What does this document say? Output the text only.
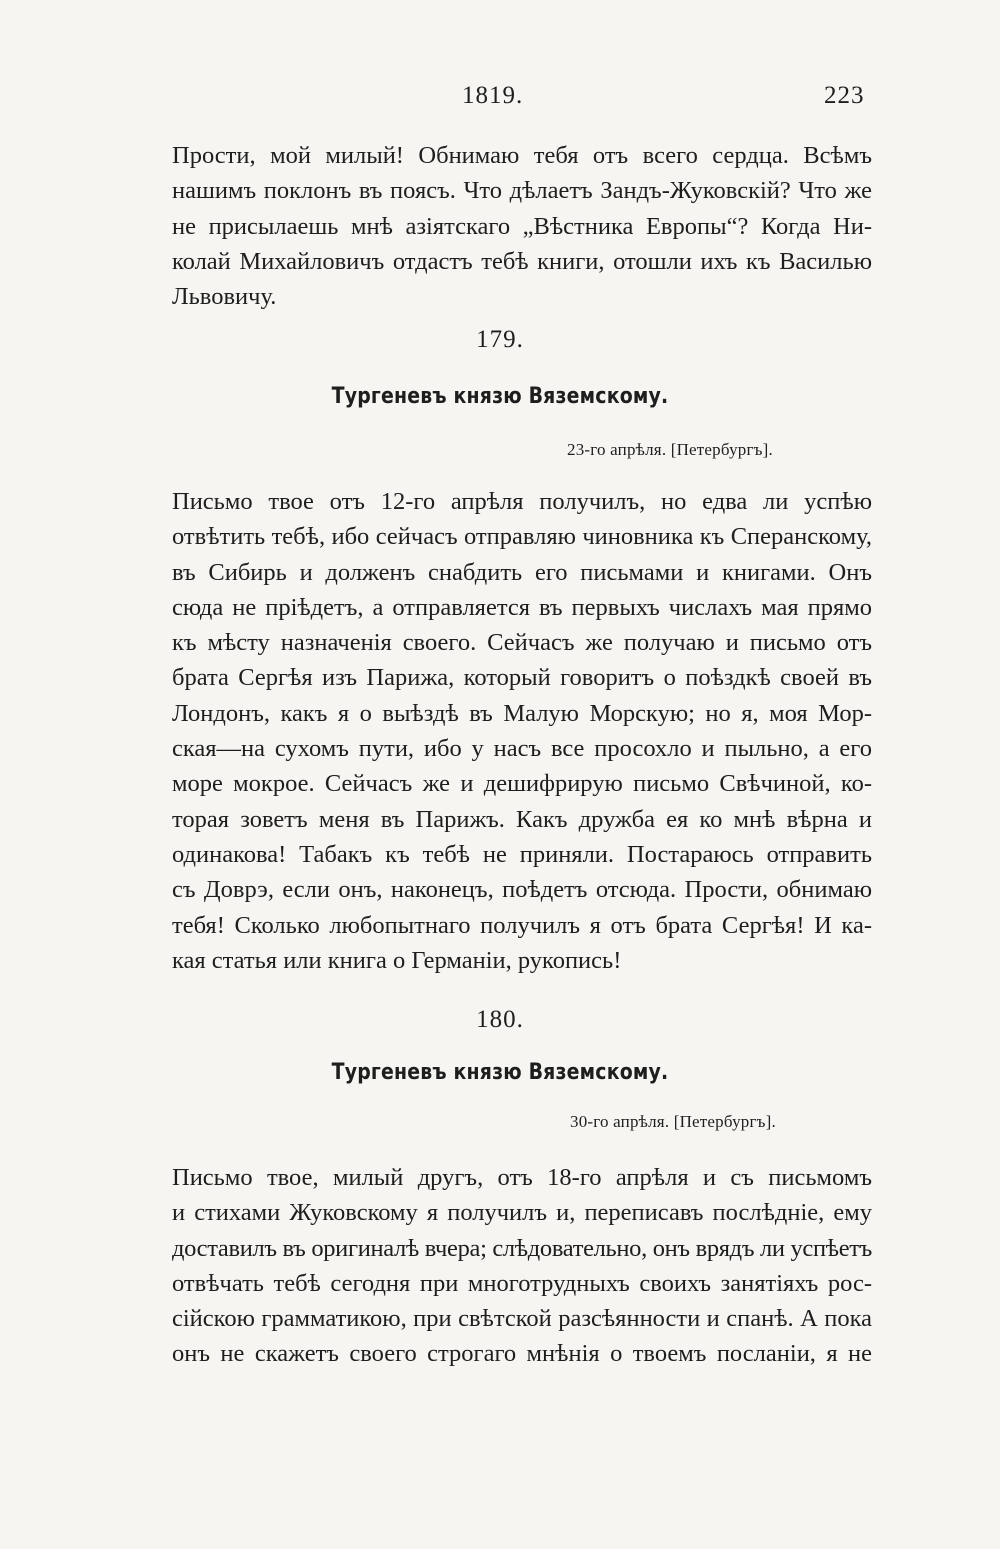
1819.	223

Прости, мой милый! Обнимаю тебя отъ всего сердца. Всѣмъ
нашимъ поклонъ въ поясъ. Что дѣлаетъ Зандъ-Жуковскій? Что же
не присылаешь мнѣ азіятскаго „Вѣстника Европы“? Когда Ни-
колай Михайловичъ отдастъ тебѣ книги, отошли ихъ къ Василью
Львовичу.

179.
Тургеневъ князю Вяземскому.
23-го апрѣля. [Петербургъ].

Письмо твое отъ 12-го апрѣля получилъ, но едва ли успѣю
отвѣтить тебѣ, ибо сейчасъ отправляю чиновника къ Сперанскому,
въ Сибирь и долженъ снабдить его письмами и книгами. Онъ
сюда не пріѣдетъ, а отправляется въ первыхъ числахъ мая прямо
къ мѣсту назначенія своего. Сейчасъ же получаю и письмо отъ
брата Сергѣя изъ Парижа, который говоритъ о поѣздкѣ своей въ
Лондонъ, какъ я о выѣздѣ въ Малую Морскую; но я, моя Мор-
ская—на сухомъ пути, ибо у насъ все просохло и пыльно, а его
море мокрое. Сейчасъ же и дешифрирую письмо Свѣчиной, ко-
торая зоветъ меня въ Парижъ. Какъ дружба ея ко мнѣ вѣрна и
одинакова! Табакъ къ тебѣ не приняли. Постараюсь отправить
съ Доврэ, если онъ, наконецъ, поѣдетъ отсюда. Прости, обнимаю
тебя! Сколько любопытнаго получилъ я отъ брата Сергѣя! И ка-
кая статья или книга о Германіи, рукопись!

180.
Тургеневъ князю Вяземскому.
30-го апрѣля. [Петербургъ].

Письмо твое, милый другъ, отъ 18-го апрѣля и съ письмомъ
и стихами Жуковскому я получилъ и, переписавъ послѣдніе, ему
доставилъ въ оригиналѣ вчера; слѣдовательно, онъ врядъ ли успѣетъ
отвѣчать тебѣ сегодня при многотрудныхъ своихъ занятіяхъ рос-
сійскою грамматикою, при свѣтской разсѣянности и спанѣ. А пока
онъ не скажетъ своего строгаго мнѣнія о твоемъ посланіи, я не
